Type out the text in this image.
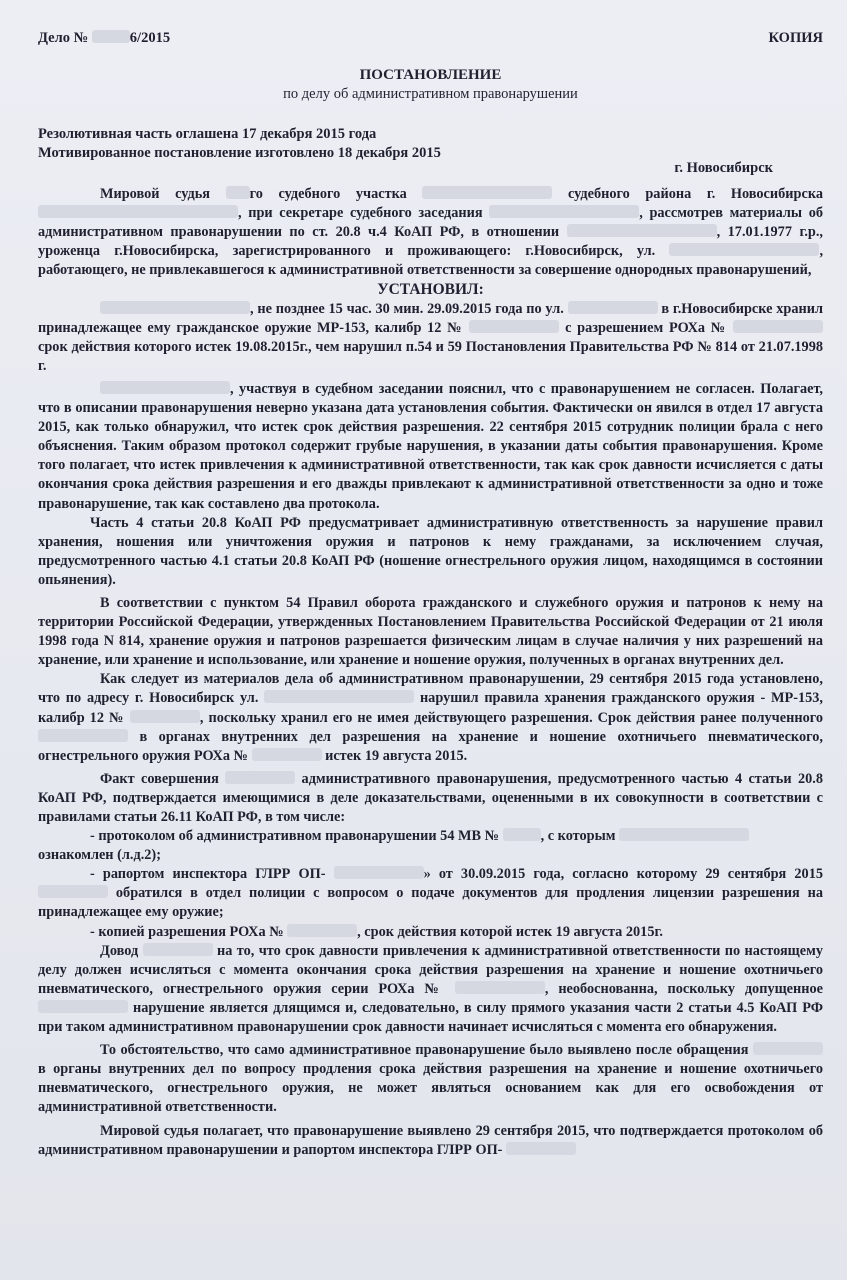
Дело №	6/2015	КОПИЯ
ПОСТАНОВЛЕНИЕ
по делу об административном правонарушении
Резолютивная часть оглашена 17 декабря 2015 года
Мотивированное постановление изготовлено 18 декабря 2015
г. Новосибирск

Мировой судья	го судебного участка	судебного района г. Новосибирска , при секретаре судебного заседания	, рассмотрев материалы об административном правонарушении по ст. 20.8 ч.4 КоАП РФ, в отношении	, 17.01.1977 г.р., уроженца г.Новосибирска, зарегистрированного и проживающего: г.Новосибирск, ул.	, работающего, не привлекавшегося к административной ответственности за совершение однородных правонарушений,

УСТАНОВИЛ:

, не позднее 15 час. 30 мин. 29.09.2015 года по ул.	в г.Новосибирске хранил принадлежащее ему гражданское оружие МР-153, калибр 12 №	с разрешением РОХа №  срок действия которого истек 19.08.2015г., чем нарушил п.54 и 59 Постановления Правительства РФ № 814 от 21.07.1998 г.

, участвуя в судебном заседании пояснил, что с правонарушением не согласен. Полагает, что в описании правонарушения неверно указана дата установления события. Фактически он явился в отдел 17 августа 2015, как только обнаружил, что истек срок действия разрешения. 22 сентября 2015 сотрудник полиции брала с него объяснения. Таким образом протокол содержит грубые нарушения, в указании даты события правонарушения. Кроме того полагает, что истек привлечения к административной ответственности, так как срок давности исчисляется с даты окончания срока действия разрешения и его дважды привлекают к административной ответственности за одно и тоже правонарушение, так как составлено два протокола.

Часть 4 статьи 20.8 КоАП РФ предусматривает административную ответственность за нарушение правил хранения, ношения или уничтожения оружия и патронов к нему гражданами, за исключением случая, предусмотренного частью 4.1 статьи 20.8 КоАП РФ (ношение огнестрельного оружия лицом, находящимся в состоянии опьянения).

В соответствии с пунктом 54 Правил оборота гражданского и служебного оружия и патронов к нему на территории Российской Федерации, утвержденных Постановлением Правительства Российской Федерации от 21 июля 1998 года N 814, хранение оружия и патронов разрешается физическим лицам в случае наличия у них разрешений на хранение, или хранение и использование, или хранение и ношение оружия, полученных в органах внутренних дел.

Как следует из материалов дела об административном правонарушении, 29 сентября 2015 года установлено, что по адресу г. Новосибирск ул.	нарушил правила хранения гражданского оружия - МР-153, калибр 12 №	, поскольку хранил его не имея действующего разрешения. Срок действия ранее полученного  в органах внутренних дел разрешения на хранение и ношение охотничьего пневматического, огнестрельного оружия РОХа №	истек 19 августа 2015.

Факт совершения	административного правонарушения, предусмотренного частью 4 статьи 20.8 КоАП РФ, подтверждается имеющимися в деле доказательствами, оцененными в их совокупности в соответствии с правилами статьи 26.11 КоАП РФ, в том числе:

- протоколом об административном правонарушении 54 МВ №	, с которым

ознакомлен (л.д.2);

- рапортом инспектора ГЛРР ОП-	» от 30.09.2015 года, согласно которому 29 сентября 2015  обратился в отдел полиции с вопросом о подаче документов для продления лицензии разрешения на принадлежащее ему оружие;

- копией разрешения РОХа №	, срок действия которой истек 19 августа 2015г.

Довод	на то, что срок давности привлечения к административной ответственности по настоящему делу должен исчисляться с момента окончания срока действия разрешения на хранение и ношение охотничьего пневматического, огнестрельного оружия серии РОХа №	, необоснованна, поскольку допущенное  нарушение является длящимся и, следовательно, в силу прямого указания части 2 статьи 4.5 КоАП РФ при таком административном правонарушении срок давности начинает исчисляться с момента его обнаружения.

То обстоятельство, что само административное правонарушение было выявлено после обращения  в органы внутренних дел по вопросу продления срока действия разрешения на хранение и ношение охотничьего пневматического, огнестрельного оружия, не может являться основанием как для его освобождения от административной ответственности.

Мировой судья полагает, что правонарушение выявлено 29 сентября 2015, что подтверждается протоколом об административном правонарушении и рапортом инспектора ГЛРР ОП-
